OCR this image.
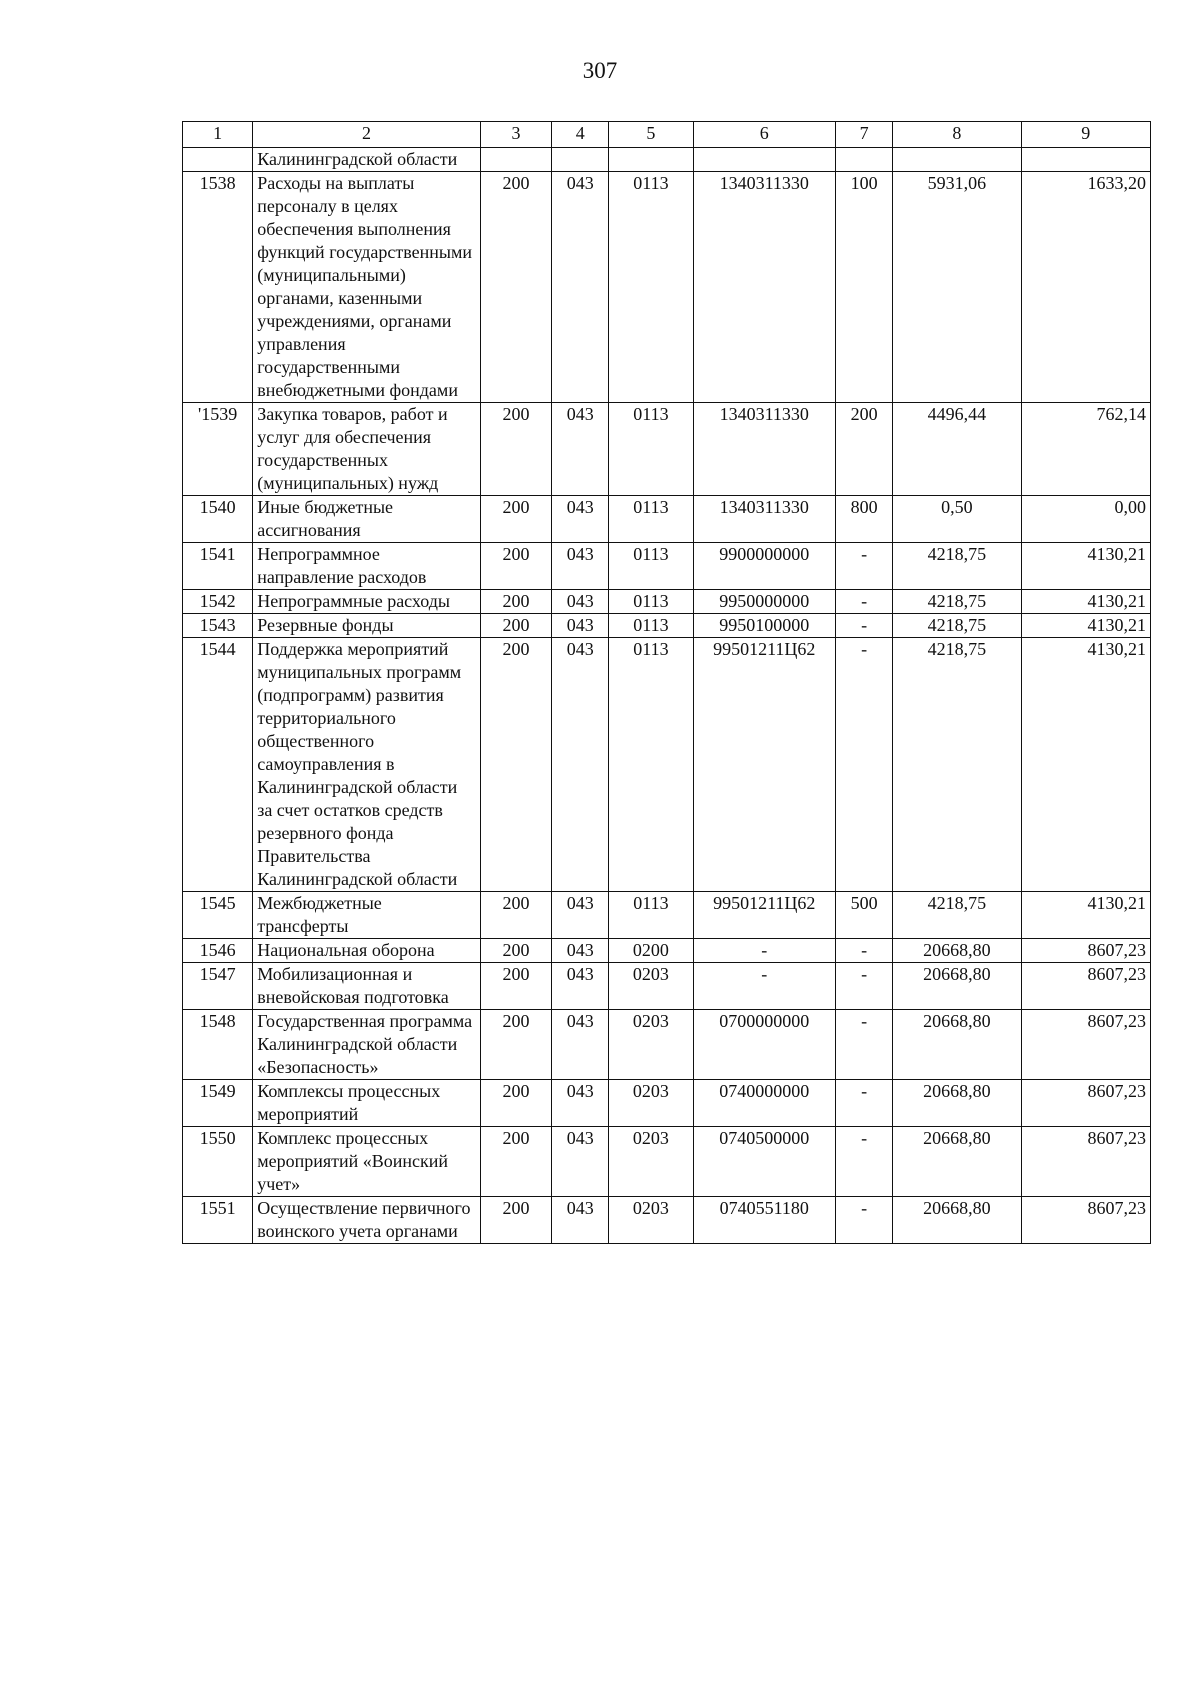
307
1	2	3	4	5	6	7	8	9
	Калининградской области							
1538	Расходы на выплаты персоналу в целях обеспечения выполнения функций государственными (муниципальными) органами, казенными учреждениями, органами управления государственными внебюджетными фондами	200	043	0113	1340311330	100	5931,06	1633,20
'1539	Закупка товаров, работ и услуг для обеспечения государственных (муниципальных) нужд	200	043	0113	1340311330	200	4496,44	762,14
1540	Иные бюджетные ассигнования	200	043	0113	1340311330	800	0,50	0,00
1541	Непрограммное направление расходов	200	043	0113	9900000000	-	4218,75	4130,21
1542	Непрограммные расходы	200	043	0113	9950000000	-	4218,75	4130,21
1543	Резервные фонды	200	043	0113	9950100000	-	4218,75	4130,21
1544	Поддержка мероприятий муниципальных программ (подпрограмм) развития территориального общественного самоуправления в Калининградской области за счет остатков средств резервного фонда Правительства Калининградской области	200	043	0113	99501211Ц62	-	4218,75	4130,21
1545	Межбюджетные трансферты	200	043	0113	99501211Ц62	500	4218,75	4130,21
1546	Национальная оборона	200	043	0200	-	-	20668,80	8607,23
1547	Мобилизационная и вневойсковая подготовка	200	043	0203	-	-	20668,80	8607,23
1548	Государственная программа Калининградской области «Безопасность»	200	043	0203	0700000000	-	20668,80	8607,23
1549	Комплексы процессных мероприятий	200	043	0203	0740000000	-	20668,80	8607,23
1550	Комплекс процессных мероприятий «Воинский учет»	200	043	0203	0740500000	-	20668,80	8607,23
1551	Осуществление первичного воинского учета органами	200	043	0203	0740551180	-	20668,80	8607,23
